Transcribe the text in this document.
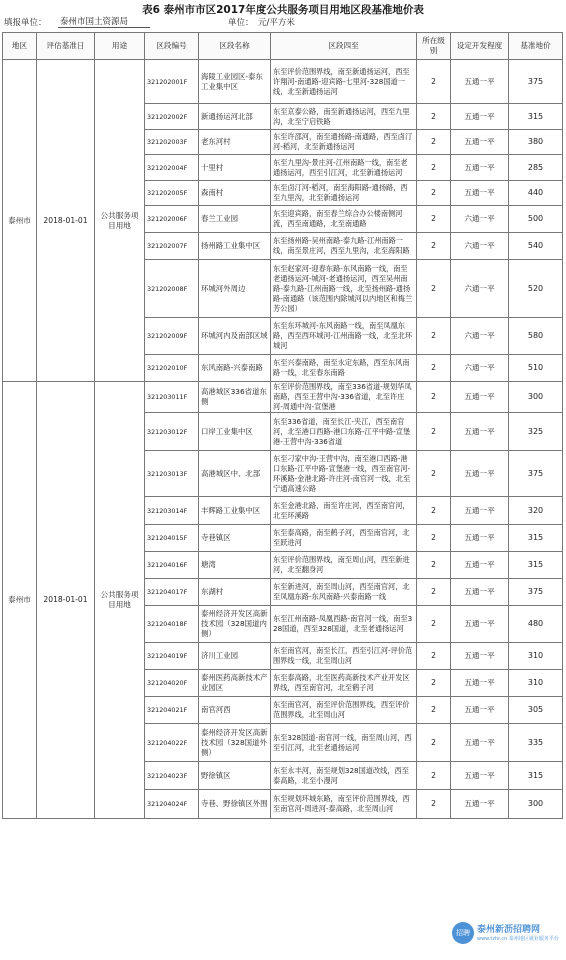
表6 泰州市市区2017年度公共服务项目用地区段基准地价表
填报单位： 泰州市国土资源局	单位： 元/平方米
地区	评估基准日	用途	区段编号	区段名称	区段四至	所在级别	设定开发程度	基准地价
泰州市	2018-01-01	公共服务项目用地	321202001F	海陵工业园区-泰东工业集中区	东至评价范围界线，南至新通扬运河，西至许翔河-南通路-迎宾路-七里河-328国道一线，北至新通扬运河	2	五通一平	375
			321202002F	新通扬运河北部	东至京泰公路，南至新通扬运河，西至九里沟，北至宁启铁路	2	五通一平	315
			321202003F	老东河村	东至许邵河，南至通扬路-南通路，西至卤汀河-稻河，北至新通扬运河	2	五通一平	380
			321202004F	十里村	东至九里沟-景庄河-江州南路一线，南至老通扬运河，西至引江河，北至新通扬运河	2	五通一平	285
			321202005F	森南村	东至卤汀河-稻河，南至海阳路-通扬路，西至九里沟，北至新通扬运河	2	五通一平	440
			321202006F	春兰工业园	东至迎宾路，南至春兰综合办公楼南侧河流，西至南通路，北至南通路	2	六通一平	500
			321202007F	扬州路工业集中区	东至扬州路-吴州南路-泰九路-江州南路一线，南至景庄河，西至九里沟，北至海阳路	2	六通一平	540
			321202008F	环城河外周边	东至赵家河-迎春东路-东风南路一线，南至老通扬运河-城河-老通扬运河，西至吴州南路-泰九路-江州南路一线，北至扬州路-通扬路-南通路（该范围内除城河以内地区和梅兰芳公园）	2	六通一平	520
			321202009F	环城河内及南部区域	东至东环城河-东风南路一线，南至凤凰东路，西至西环城河-江州南路一线，北至北环城河	2	六通一平	580
			321202010F	东风南路-兴泰南路	东至兴泰南路，南至永定东路，西至东风南路一线，北至春东南路	2	六通一平	510
泰州市	2018-01-01	公共服务项目用地	321203011F	高港城区336省道东侧	东至评价范围界线，南至336省道-规划华凤南路，西至王营中沟-336省道，北至许庄河-周通中沟-宣堡港	2	五通一平	300
			321203012F	口岸工业集中区	东至336省道，南至长江-夹江，西至南官河，北至港口西路-港口东路-江平中路-宣堡港-王营中沟-336省道	2	五通一平	325
			321203013F	高港城区中、北部	东至刁家中沟-王营中沟，南至港口西路-港口东路-江平中路-宣堡港一线，西至南官河-环溪路-金港北路-许庄河-南官河一线，北至宁通高速公路	2	五通一平	375
			321203014F	丰辉路工业集中区	东至金港北路，南至许庄河，西至南官河，北至环溪路	2	五通一平	320
			321204015F	寺巷镇区	东至泰高路，南至鹤子河，西至南官河，北至跃进河	2	五通一平	315
			321204016F	塘湾	东至评价范围界线，南至周山河，西至新进河，北至翻身河	2	五通一平	315
			321204017F	东湖村	东至新进河，南至周山河，西至南官河，北至凤凰东路-东风南路-兴泰南路一线	2	五通一平	375
			321204018F	泰州经济开发区高新技术园（328国道内侧）	东至江州南路-凤凰西路-南官河一线，南至328国道，西至328国道，北至老通扬运河	2	五通一平	480
			321204019F	济川工业园	东至南官河，南至长江，西至引江河-评价范围界线一线，北至周山河	2	五通一平	310
			321204020F	泰州医药高新技术产业园区	东至泰高路，北至医药高新技术产业开发区界线，西至南官河，北至鹤子河	2	五通一平	310
			321204021F	南官河西	东至南官河，南至评价范围界线，西至评价范围界线，北至周山河	2	五通一平	305
			321204022F	泰州经济开发区高新技术园（328国道外侧）	东至328国道-南官河一线，南至周山河，西至引江河，北至老通扬运河	2	五通一平	335
			321204023F	野徐镇区	东至永丰河，南至规划328国道改线，西至泰高路，北至小漫河	2	五通一平	315
			321204024F	寺巷、野徐镇区外围	东至规划环城东路，南至评价范围界线，西至南官河-周进河-泰高路，北至周山河	2	五通一平	300
招聘 泰州新沥招聘网
www.tzhr.cn 泰州地区就业服务平台
